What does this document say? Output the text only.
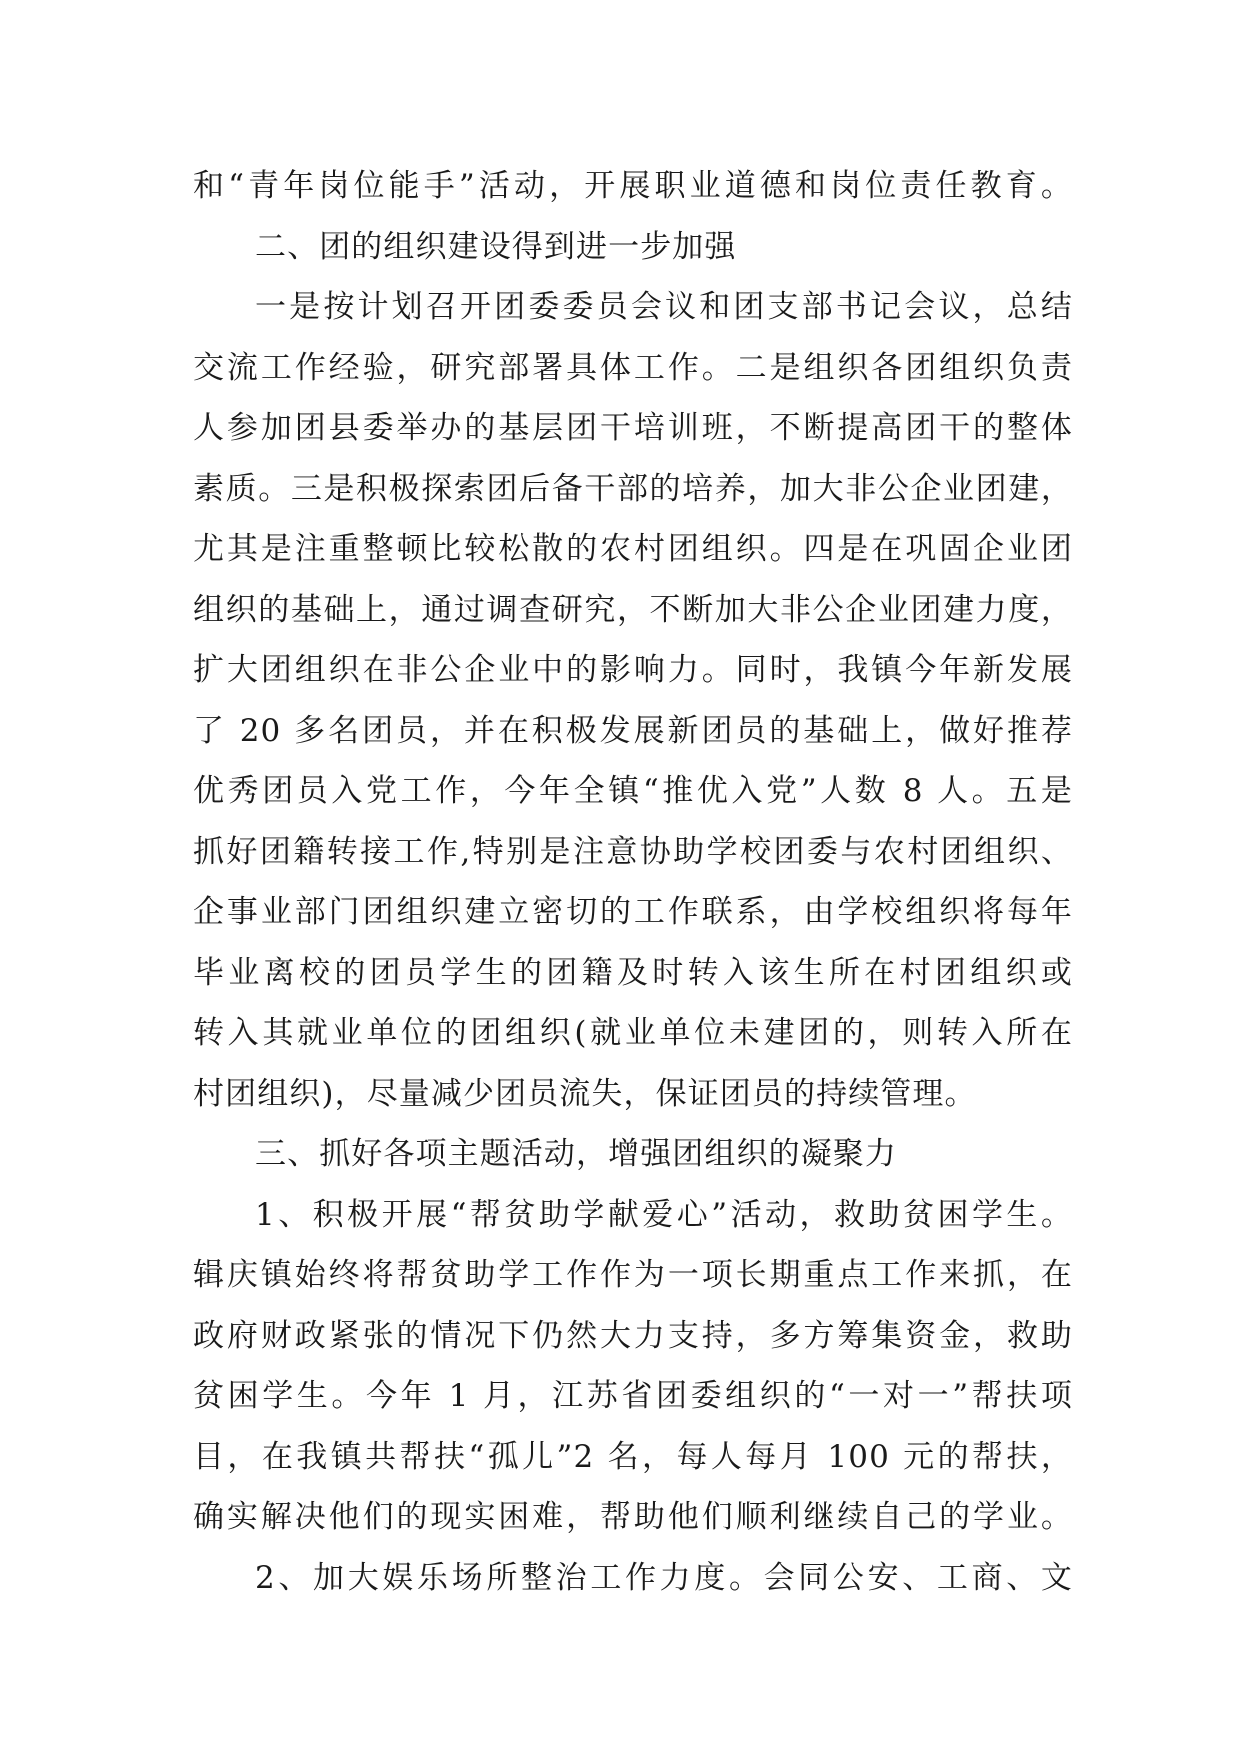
和“青年岗位能手”活动，开展职业道德和岗位责任教育。
二、团的组织建设得到进一步加强
一是按计划召开团委委员会议和团支部书记会议，总结
交流工作经验，研究部署具体工作。二是组织各团组织负责
人参加团县委举办的基层团干培训班，不断提高团干的整体
素质。三是积极探索团后备干部的培养，加大非公企业团建，
尤其是注重整顿比较松散的农村团组织。四是在巩固企业团
组织的基础上，通过调查研究，不断加大非公企业团建力度，
扩大团组织在非公企业中的影响力。同时，我镇今年新发展
了 20 多名团员，并在积极发展新团员的基础上，做好推荐
优秀团员入党工作，今年全镇“推优入党”人数 8 人。五是
抓好团籍转接工作,特别是注意协助学校团委与农村团组织、
企事业部门团组织建立密切的工作联系，由学校组织将每年
毕业离校的团员学生的团籍及时转入该生所在村团组织或
转入其就业单位的团组织(就业单位未建团的，则转入所在
村团组织)，尽量减少团员流失，保证团员的持续管理。
三、抓好各项主题活动，增强团组织的凝聚力
1、积极开展“帮贫助学献爱心”活动，救助贫困学生。
辑庆镇始终将帮贫助学工作作为一项长期重点工作来抓，在
政府财政紧张的情况下仍然大力支持，多方筹集资金，救助
贫困学生。今年 1 月，江苏省团委组织的“一对一”帮扶项
目，在我镇共帮扶“孤儿”2 名，每人每月 100 元的帮扶，
确实解决他们的现实困难，帮助他们顺利继续自己的学业。
2、加大娱乐场所整治工作力度。会同公安、工商、文
